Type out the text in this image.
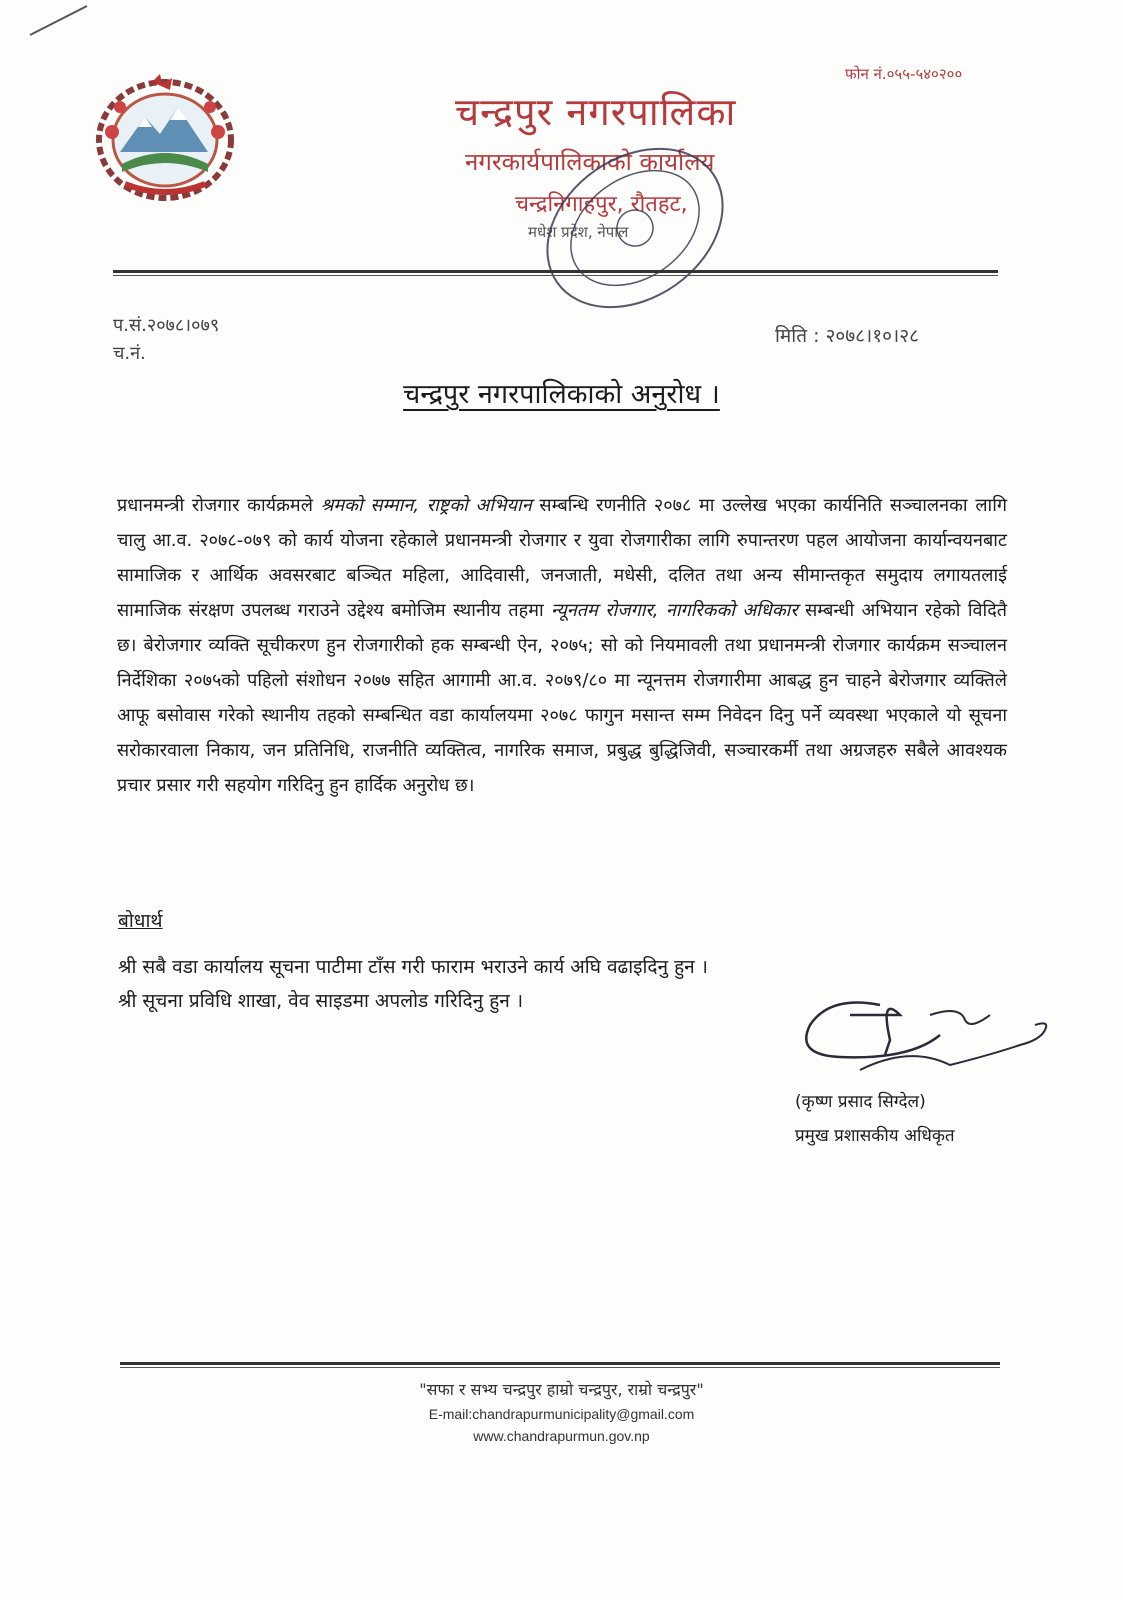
फोन नं.०५५-५४०२००
चन्द्रपुर नगरपालिका
नगरकार्यपालिकाको कार्यालय
चन्द्रनिगाहपुर, रौतहट,
मधेश प्रदेश, नेपाल
प.सं.२०७८।०७९
च.नं.
मिति : २०७८।१०।२८
चन्द्रपुर नगरपालिकाको अनुरोध ।
प्रधानमन्त्री रोजगार कार्यक्रमले श्रमको सम्मान, राष्ट्रको अभियान सम्बन्धि रणनीति २०७८ मा उल्लेख भएका कार्यनिति सञ्चालनका लागि चालु आ.व. २०७८-०७९ को कार्य योजना रहेकाले प्रधानमन्त्री रोजगार र युवा रोजगारीका लागि रुपान्तरण पहल आयोजना कार्यान्वयनबाट सामाजिक र आर्थिक अवसरबाट बञ्चित महिला, आदिवासी, जनजाती, मधेसी, दलित तथा अन्य सीमान्तकृत समुदाय लगायतलाई सामाजिक संरक्षण उपलब्ध गराउने उद्देश्य बमोजिम स्थानीय तहमा न्यूनतम रोजगार, नागरिकको अधिकार सम्बन्धी अभियान रहेको विदितै छ। बेरोजगार व्यक्ति सूचीकरण हुन रोजगारीको हक सम्बन्धी ऐन, २०७५; सो को नियमावली तथा प्रधानमन्त्री रोजगार कार्यक्रम सञ्चालन निर्देशिका २०७५को पहिलो संशोधन २०७७ सहित आगामी आ.व. २०७९/८० मा न्यूनत्तम रोजगारीमा आबद्ध हुन चाहने बेरोजगार व्यक्तिले आफू बसोवास गरेको स्थानीय तहको सम्बन्धित वडा कार्यालयमा २०७८ फागुन मसान्त सम्म निवेदन दिनु पर्ने व्यवस्था भएकाले यो सूचना सरोकारवाला निकाय, जन प्रतिनिधि, राजनीति व्यक्तित्व, नागरिक समाज, प्रबुद्ध बुद्धिजिवी, सञ्चारकर्मी तथा अग्रजहरु सबैले आवश्यक प्रचार प्रसार गरी सहयोग गरिदिनु हुन हार्दिक अनुरोध छ।
बोधार्थ
श्री सबै वडा कार्यालय सूचना पाटीमा टाँस गरी फाराम भराउने कार्य अघि वढाइदिनु हुन ।
श्री सूचना प्रविधि शाखा, वेव साइडमा अपलोड गरिदिनु हुन ।
(कृष्ण प्रसाद सिग्देल)
प्रमुख प्रशासकीय अधिकृत
"सफा र सभ्य चन्द्रपुर हाम्रो चन्द्रपुर, राम्रो चन्द्रपुर"
E-mail:chandrapurmunicipality@gmail.com
www.chandrapurmun.gov.np
